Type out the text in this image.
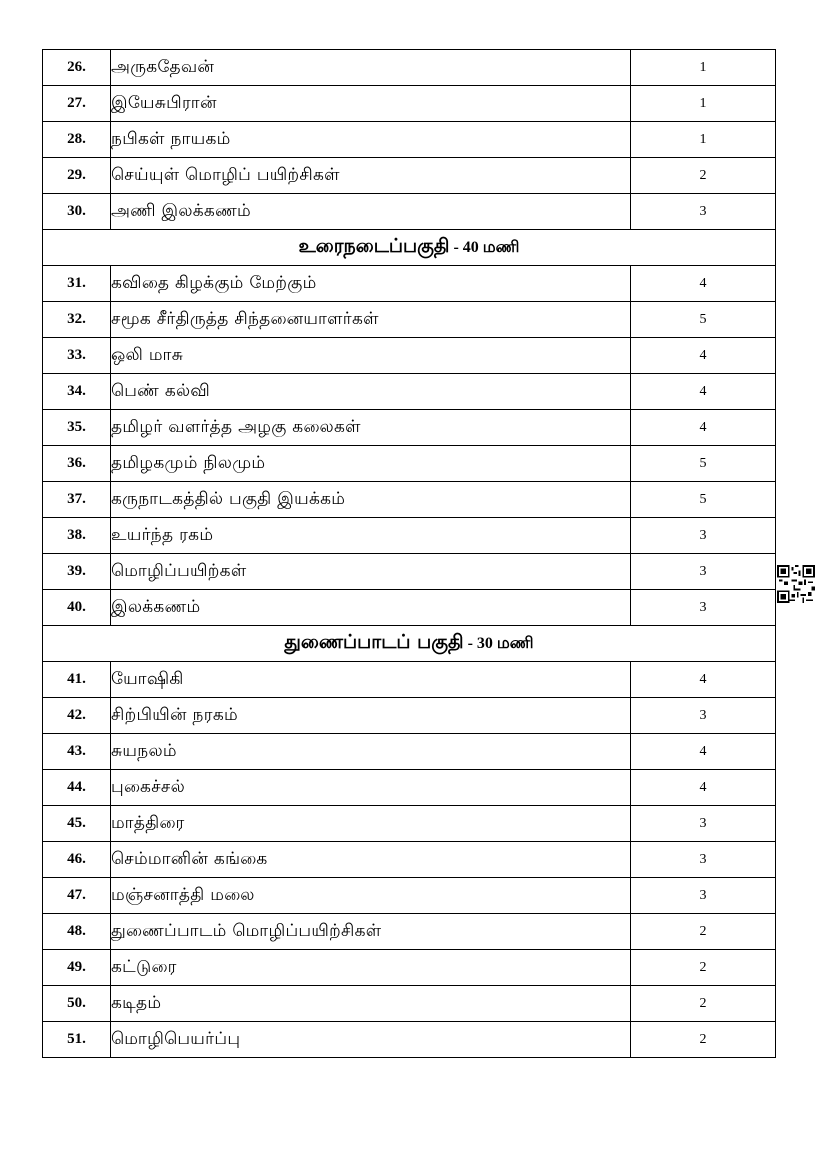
26.	அருகதேவன்	1
27.	இயேசுபிரான்	1
28.	நபிகள் நாயகம்	1
29.	செய்யுள் மொழிப் பயிற்சிகள்	2
30.	அணி இலக்கணம்	3
உரைநடைப்பகுதி - 40 மணி		
31.	கவிதை கிழக்கும் மேற்கும்	4
32.	சமூக சீர்திருத்த சிந்தனையாளர்கள்	5
33.	ஒலி மாசு	4
34.	பெண் கல்வி	4
35.	தமிழர் வளர்த்த அழகு கலைகள்	4
36.	தமிழகமும் நிலமும்	5
37.	கருநாடகத்தில் பகுதி இயக்கம்	5
38.	உயர்ந்த ரகம்	3
39.	மொழிப்பயிற்கள்	3
40.	இலக்கணம்	3
துணைப்பாடப் பகுதி - 30 மணி		
41.	யோஷிகி	4
42.	சிற்பியின் நரகம்	3
43.	சுயநலம்	4
44.	புகைச்சல்	4
45.	மாத்திரை	3
46.	செம்மானின் கங்கை	3
47.	மஞ்சனாத்தி மலை	3
48.	துணைப்பாடம் மொழிப்பயிற்சிகள்	2
49.	கட்டுரை	2
50.	கடிதம்	2
51.	மொழிபெயர்ப்பு	2
